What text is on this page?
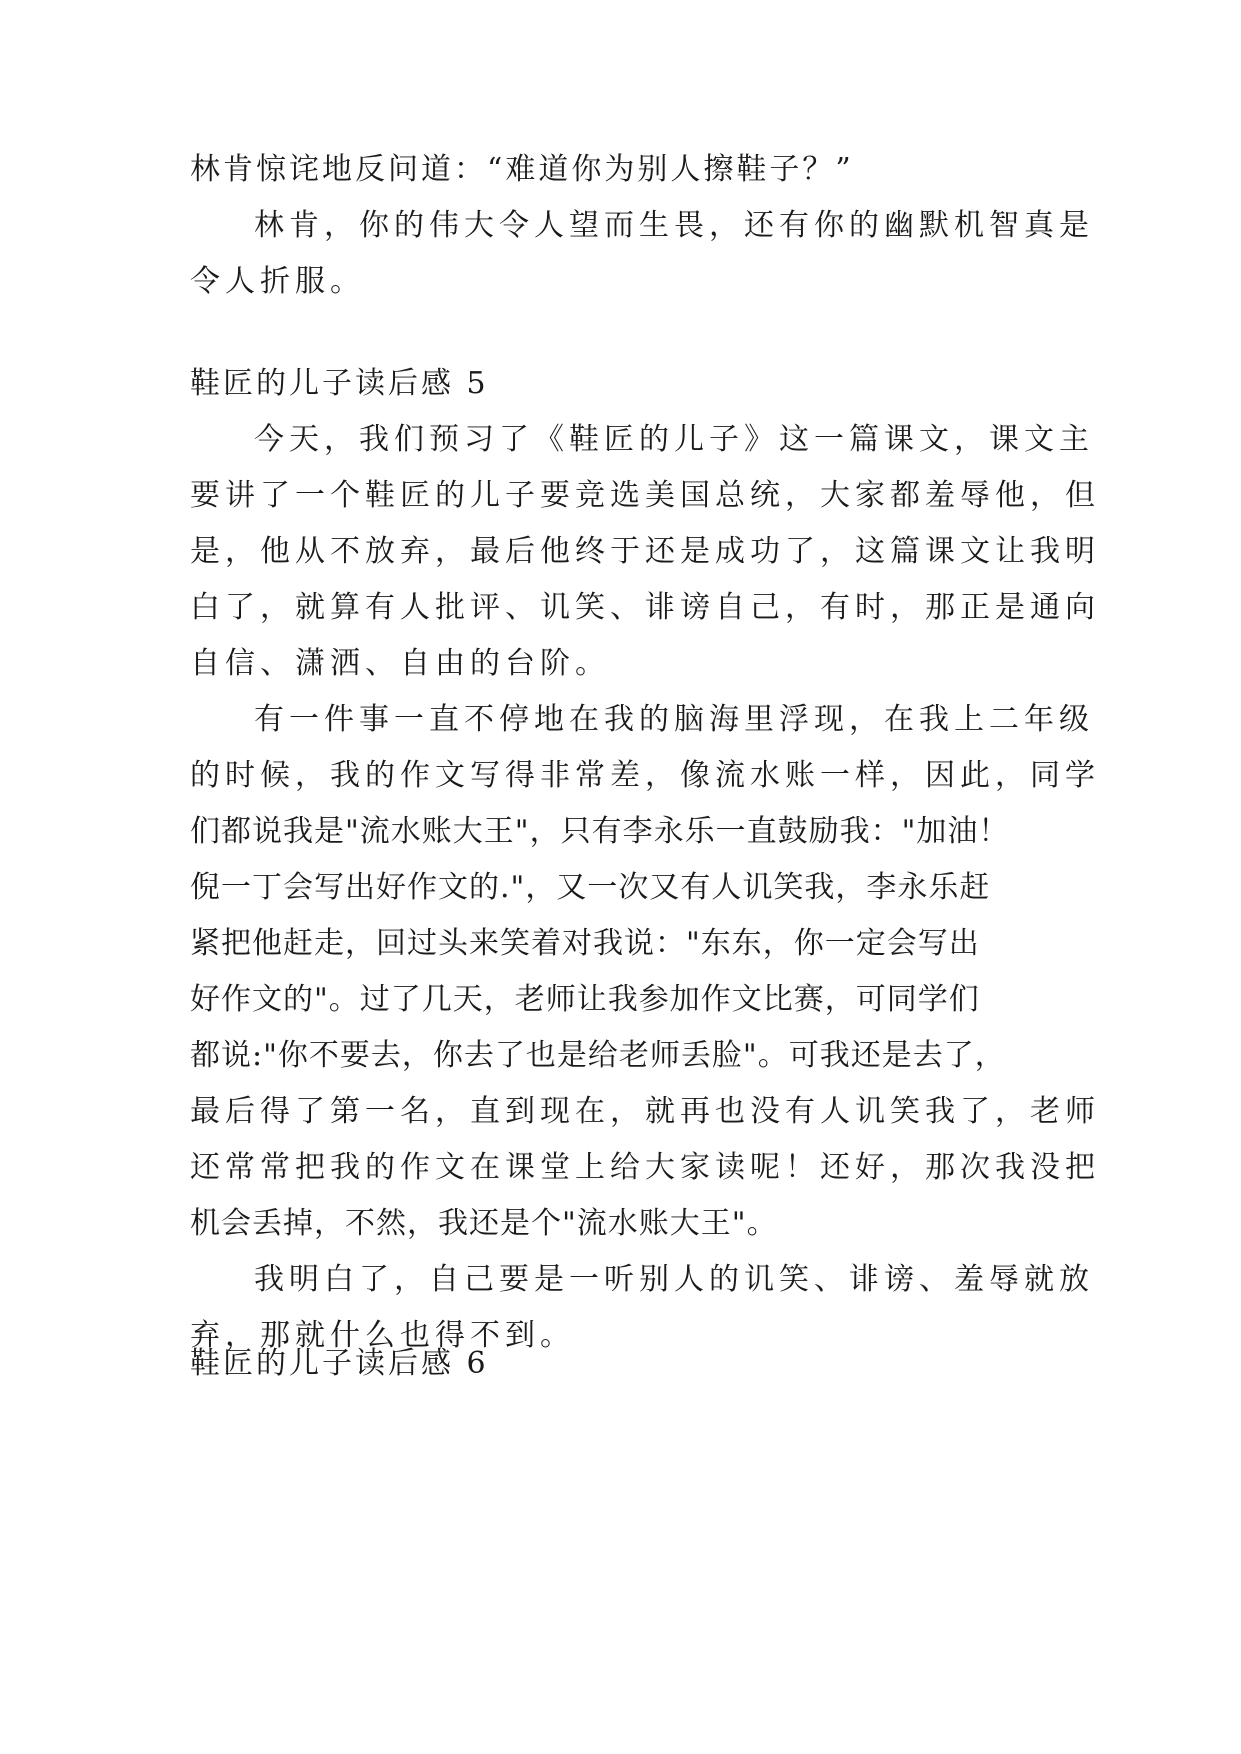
林肯惊诧地反问道：“难道你为别人擦鞋子？”
林肯，你的伟大令人望而生畏，还有你的幽默机智真是
令人折服。
鞋匠的儿子读后感 5
今天，我们预习了《鞋匠的儿子》这一篇课文，课文主
要讲了一个鞋匠的儿子要竞选美国总统，大家都羞辱他，但
是，他从不放弃，最后他终于还是成功了，这篇课文让我明
白了，就算有人批评、讥笑、诽谤自己，有时，那正是通向
自信、潇洒、自由的台阶。
有一件事一直不停地在我的脑海里浮现，在我上二年级
的时候，我的作文写得非常差，像流水账一样，因此，同学
们都说我是"流水账大王"，只有李永乐一直鼓励我："加油！
倪一丁会写出好作文的."，又一次又有人讥笑我，李永乐赶
紧把他赶走，回过头来笑着对我说："东东，你一定会写出
好作文的"。过了几天，老师让我参加作文比赛，可同学们
都说:"你不要去，你去了也是给老师丢脸"。可我还是去了，
最后得了第一名，直到现在，就再也没有人讥笑我了，老师
还常常把我的作文在课堂上给大家读呢！还好，那次我没把
机会丢掉，不然，我还是个"流水账大王"。
我明白了，自己要是一听别人的讥笑、诽谤、羞辱就放
弃，那就什么也得不到。
鞋匠的儿子读后感 6
